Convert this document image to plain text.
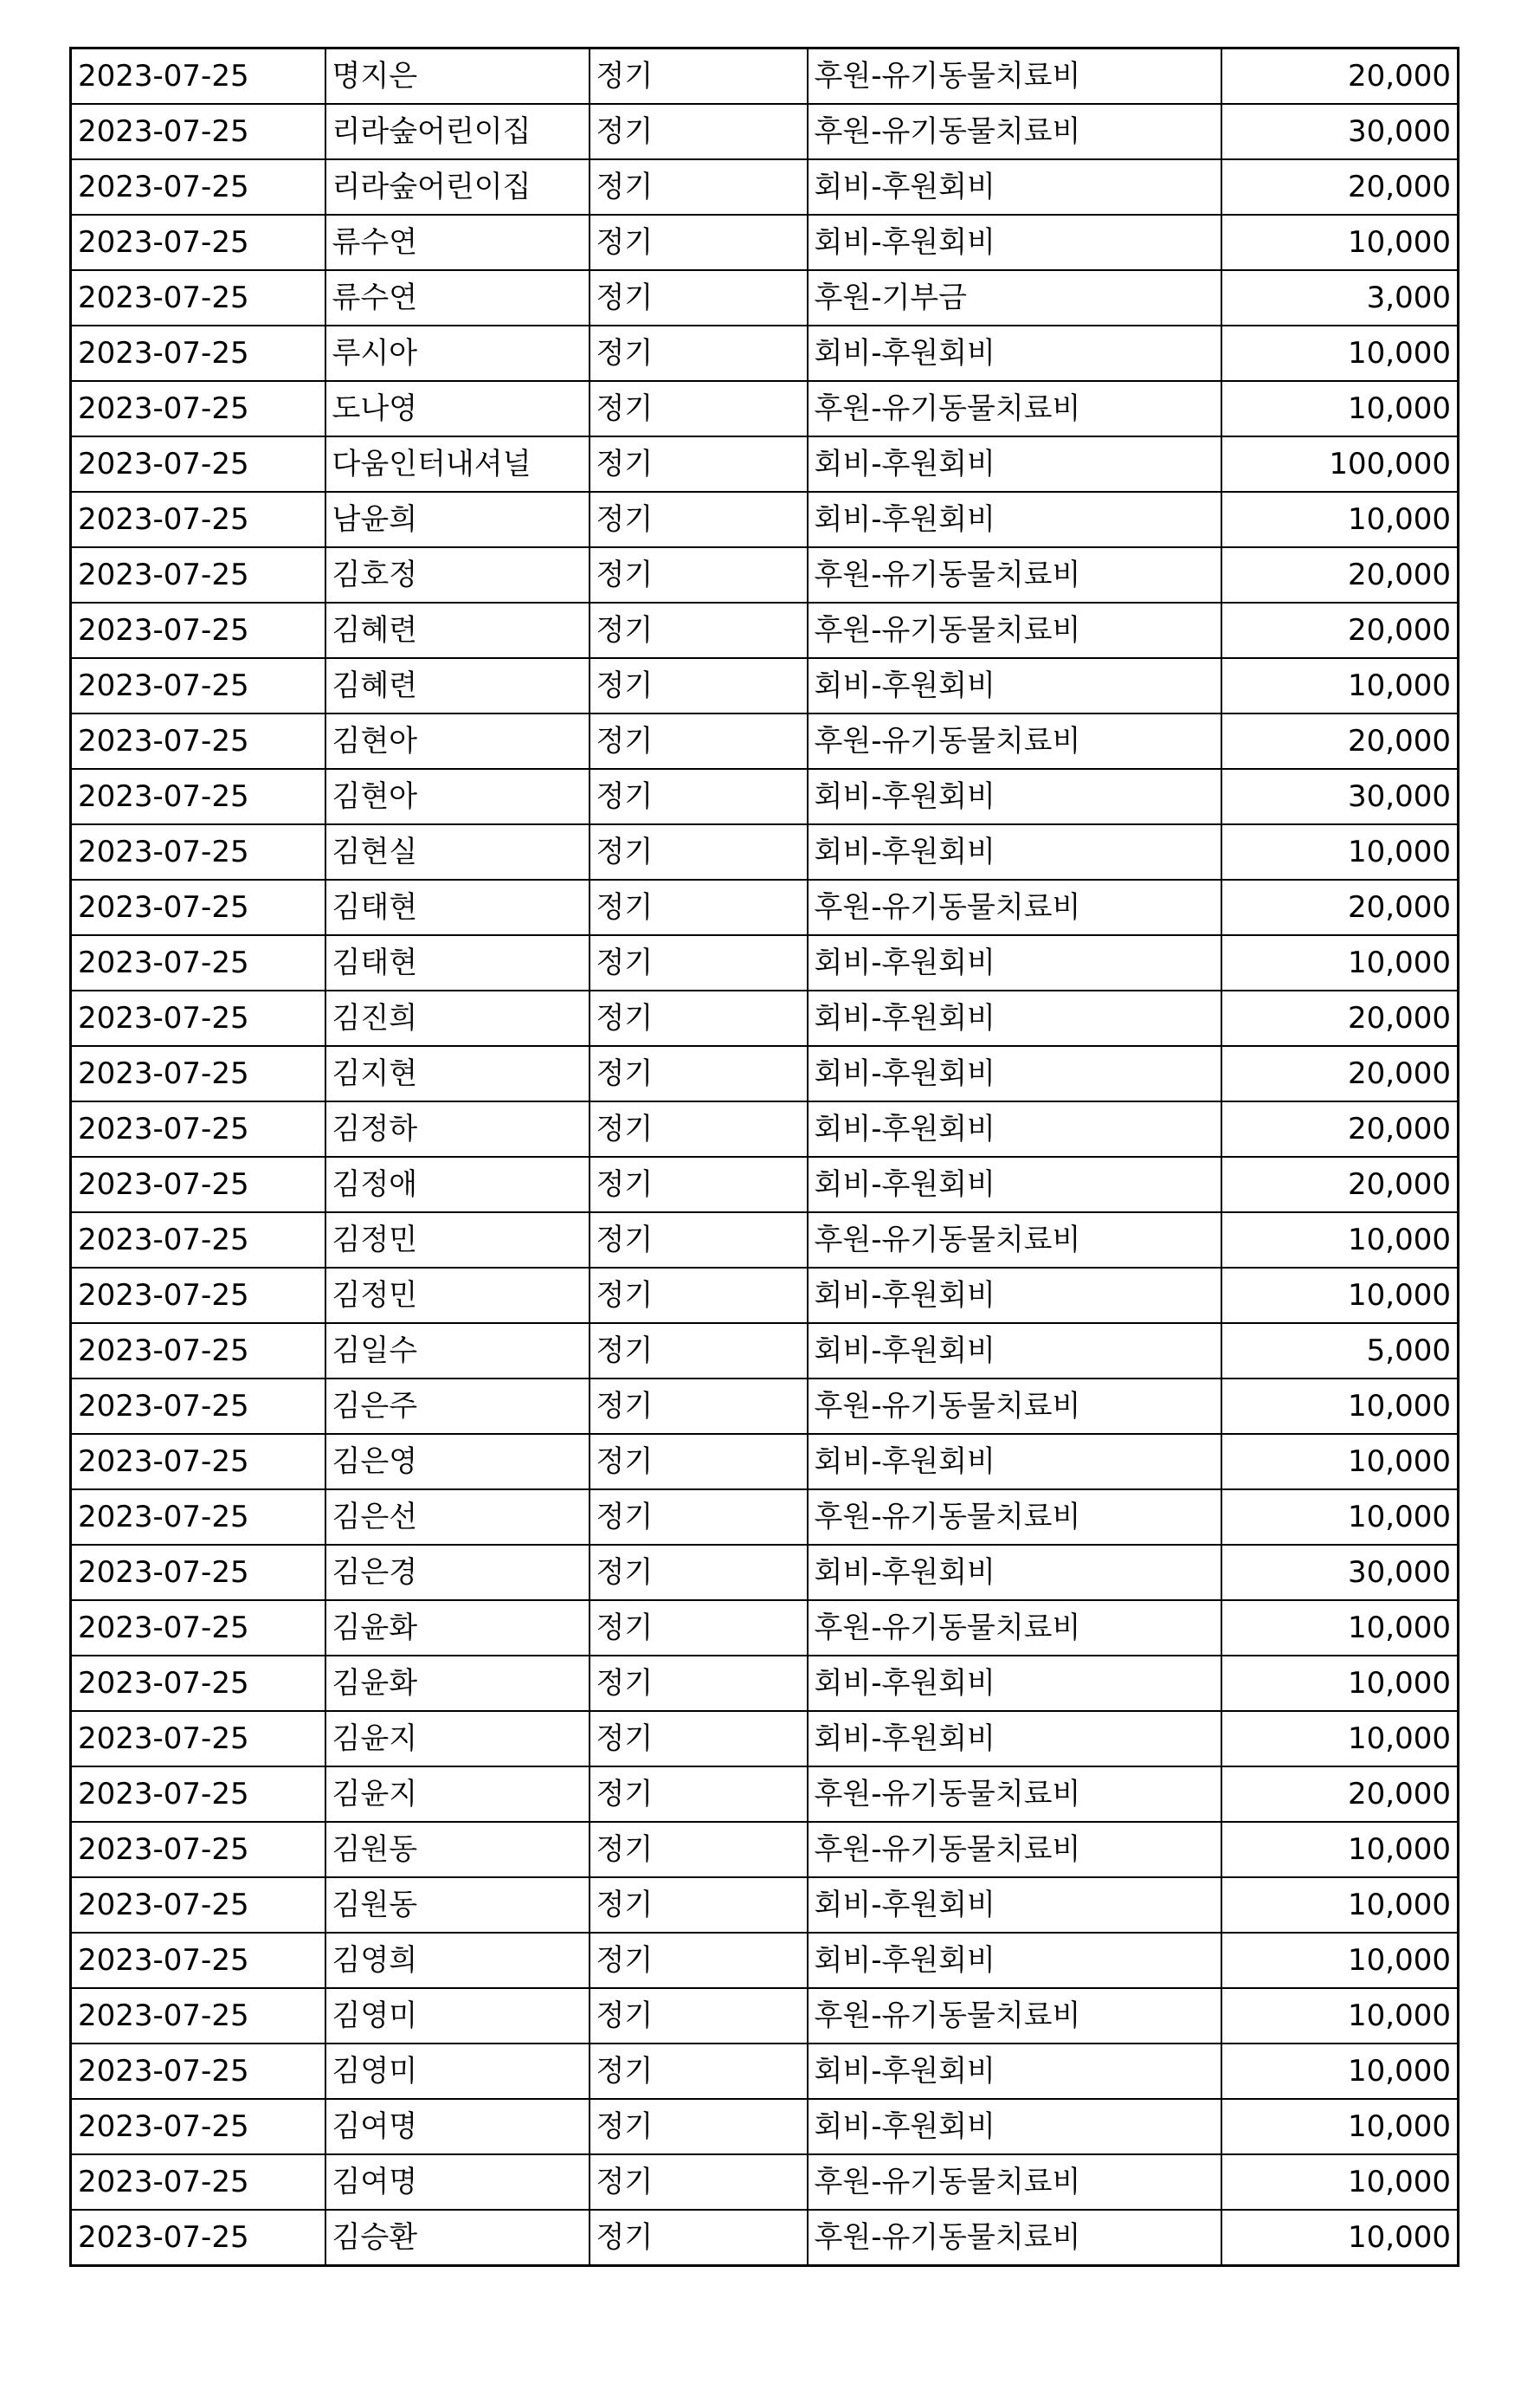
2023-07-25	명지은	정기	후원-유기동물치료비	20,000
2023-07-25	리라숲어린이집	정기	후원-유기동물치료비	30,000
2023-07-25	리라숲어린이집	정기	회비-후원회비	20,000
2023-07-25	류수연	정기	회비-후원회비	10,000
2023-07-25	류수연	정기	후원-기부금	3,000
2023-07-25	루시아	정기	회비-후원회비	10,000
2023-07-25	도나영	정기	후원-유기동물치료비	10,000
2023-07-25	다움인터내셔널	정기	회비-후원회비	100,000
2023-07-25	남윤희	정기	회비-후원회비	10,000
2023-07-25	김호정	정기	후원-유기동물치료비	20,000
2023-07-25	김혜련	정기	후원-유기동물치료비	20,000
2023-07-25	김혜련	정기	회비-후원회비	10,000
2023-07-25	김현아	정기	후원-유기동물치료비	20,000
2023-07-25	김현아	정기	회비-후원회비	30,000
2023-07-25	김현실	정기	회비-후원회비	10,000
2023-07-25	김태현	정기	후원-유기동물치료비	20,000
2023-07-25	김태현	정기	회비-후원회비	10,000
2023-07-25	김진희	정기	회비-후원회비	20,000
2023-07-25	김지현	정기	회비-후원회비	20,000
2023-07-25	김정하	정기	회비-후원회비	20,000
2023-07-25	김정애	정기	회비-후원회비	20,000
2023-07-25	김정민	정기	후원-유기동물치료비	10,000
2023-07-25	김정민	정기	회비-후원회비	10,000
2023-07-25	김일수	정기	회비-후원회비	5,000
2023-07-25	김은주	정기	후원-유기동물치료비	10,000
2023-07-25	김은영	정기	회비-후원회비	10,000
2023-07-25	김은선	정기	후원-유기동물치료비	10,000
2023-07-25	김은경	정기	회비-후원회비	30,000
2023-07-25	김윤화	정기	후원-유기동물치료비	10,000
2023-07-25	김윤화	정기	회비-후원회비	10,000
2023-07-25	김윤지	정기	회비-후원회비	10,000
2023-07-25	김윤지	정기	후원-유기동물치료비	20,000
2023-07-25	김원동	정기	후원-유기동물치료비	10,000
2023-07-25	김원동	정기	회비-후원회비	10,000
2023-07-25	김영희	정기	회비-후원회비	10,000
2023-07-25	김영미	정기	후원-유기동물치료비	10,000
2023-07-25	김영미	정기	회비-후원회비	10,000
2023-07-25	김여명	정기	회비-후원회비	10,000
2023-07-25	김여명	정기	후원-유기동물치료비	10,000
2023-07-25	김승환	정기	후원-유기동물치료비	10,000
